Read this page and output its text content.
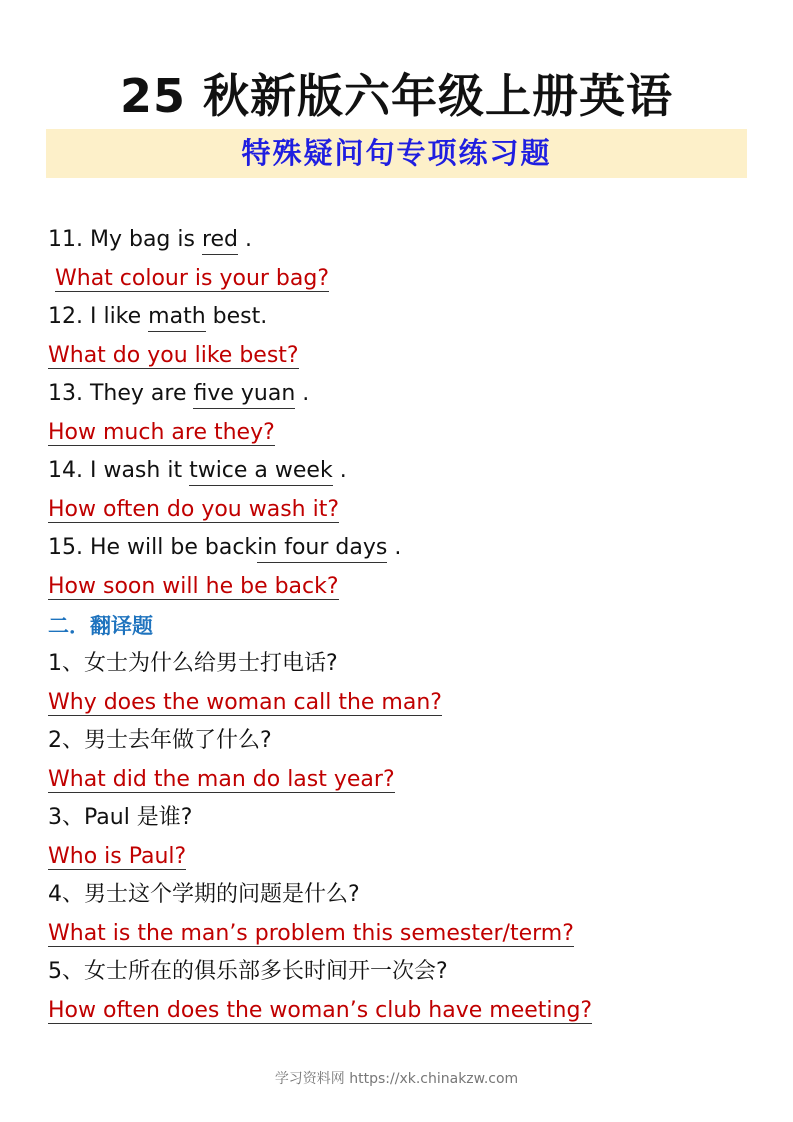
25 秋新版六年级上册英语
特殊疑问句专项练习题
11. My bag is red .
What colour is your bag?
12. I like math best.
What do you like best?
13. They are five yuan .
How much are they?
14. I wash it twice a week .
How often do you wash it?
15. He will be backin four days .
How soon will he be back?
二．翻译题
1、女士为什么给男士打电话?
Why does the woman call the man?
2、男士去年做了什么?
What did the man do last year?
3、Paul 是谁?
Who is Paul?
4、男士这个学期的问题是什么?
What is the man’s problem this semester/term?
5、女士所在的俱乐部多长时间开一次会?
How often does the woman’s club have meeting?
学习资料网 https://xk.chinakzw.com
